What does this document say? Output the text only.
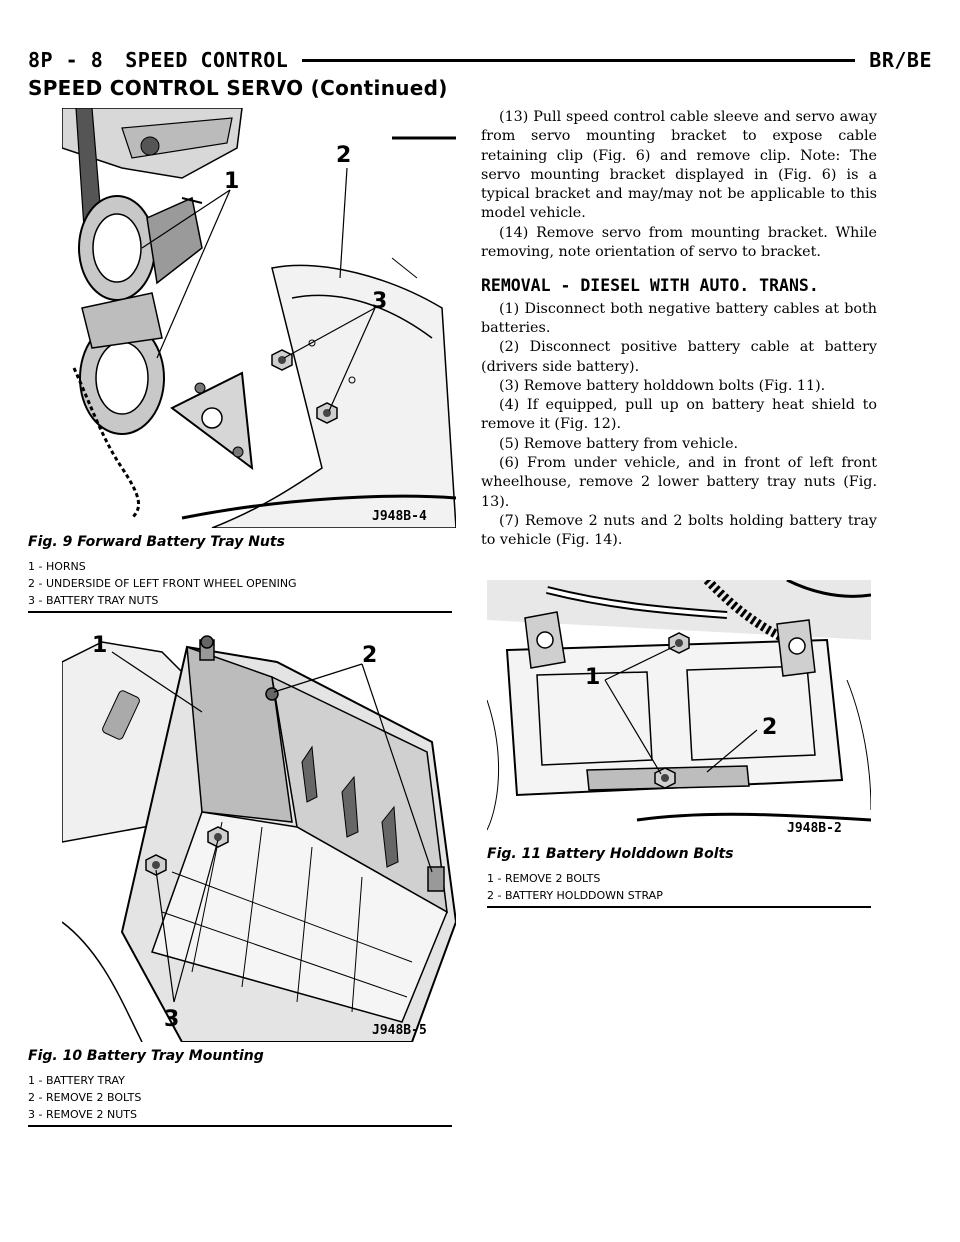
8P - 8 SPEED CONTROL	BR/BE
SPEED CONTROL SERVO (Continued)
1
2
3
J948B-4
Fig. 9 Forward Battery Tray Nuts
1 - HORNS
2 - UNDERSIDE OF LEFT FRONT WHEEL OPENING
3 - BATTERY TRAY NUTS
1	2
3	J948B-5
Fig. 10 Battery Tray Mounting
1 - BATTERY TRAY
2 - REMOVE 2 BOLTS
3 - REMOVE 2 NUTS

(13) Pull speed control cable sleeve and servo away from servo mounting bracket to expose cable retaining clip (Fig. 6) and remove clip. Note: The servo mounting bracket displayed in (Fig. 6) is a typical bracket and may/may not be applicable to this model vehicle.

(14) Remove servo from mounting bracket. While removing, note orientation of servo to bracket.

REMOVAL - DIESEL WITH AUTO. TRANS.

(1) Disconnect both negative battery cables at both batteries.

(2) Disconnect positive battery cable at battery (drivers side battery).

(3) Remove battery holddown bolts (Fig. 11).

(4) If equipped, pull up on battery heat shield to remove it (Fig. 12).

(5) Remove battery from vehicle.

(6) From under vehicle, and in front of left front wheelhouse, remove 2 lower battery tray nuts (Fig. 13).

(7) Remove 2 nuts and 2 bolts holding battery tray to vehicle (Fig. 14).

1
2
J948B-2
Fig. 11 Battery Holddown Bolts
1 - REMOVE 2 BOLTS
2 - BATTERY HOLDDOWN STRAP
